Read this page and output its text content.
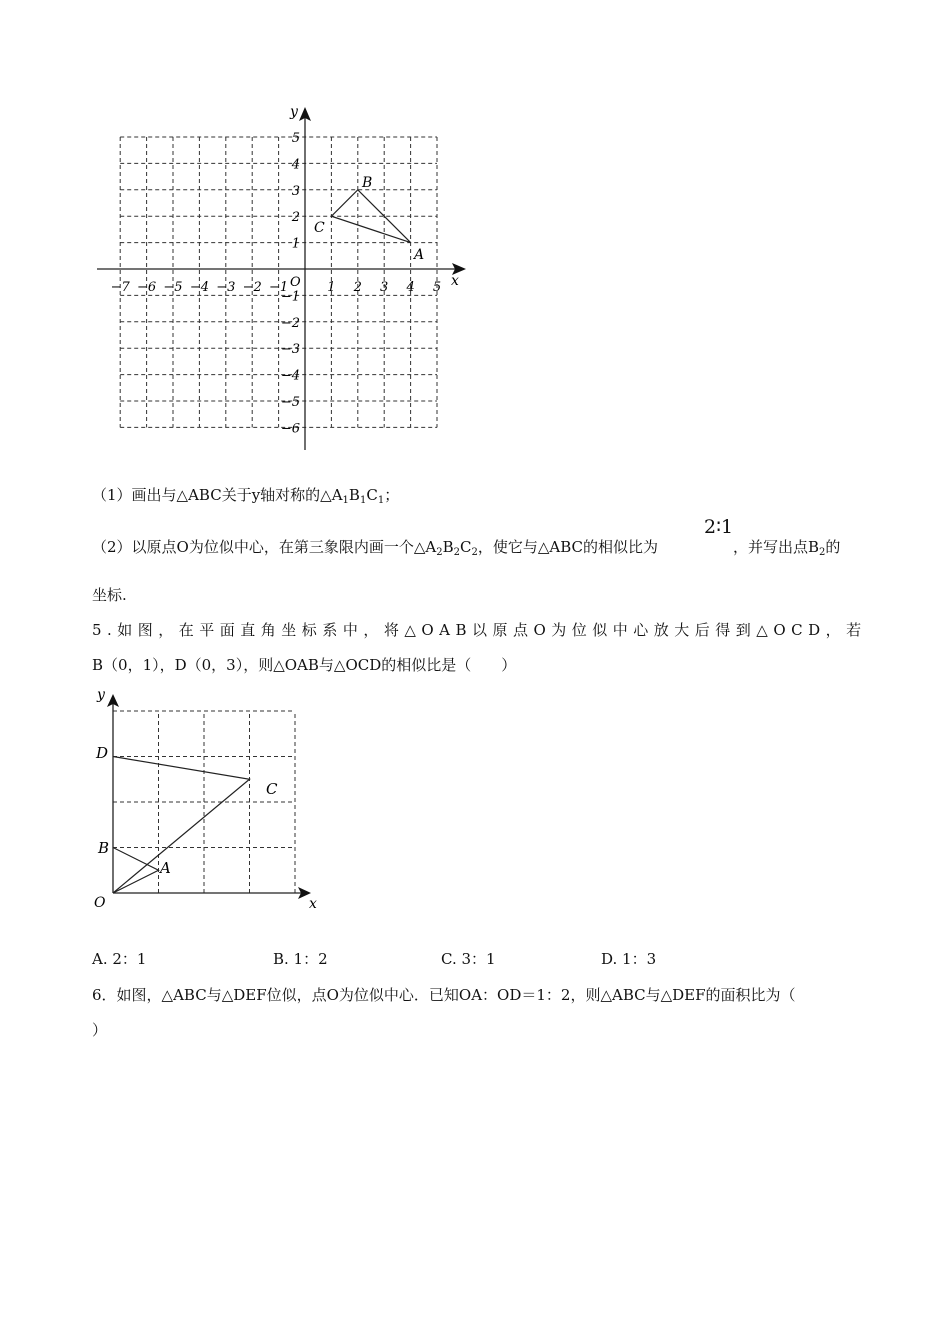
x
y
O
−7 −6 −5 −4 −3 −2 −1	1 2 3 4 5
5
4
3
2
1
−1
−2
−3
−4
−5
−6
A
B
C
（1）画出与△ABC关于y轴对称的$\triangle A_1B_1C_1$；
（2）以原点O为位似中心，在第三象限内画一个$\triangle A_2B_2C_2$，使它与△ABC的相似比为
2∶1
，并写出点$B_2$的
坐标.
5.如图，在平面直角坐标系中，将△OAB以原点O为位似中心放大后得到△OCD，若
B（0，1），D（0，3），则△OAB与△OCD的相似比是（　　）
x
y
O
D
C
B
A
A. 2：1	B. 1：2	C. 3：1	D. 1：3
6．如图，△ABC与△DEF位似，点O为位似中心．已知OA：OD＝1：2，则△ABC与△DEF的面积比为（
）
